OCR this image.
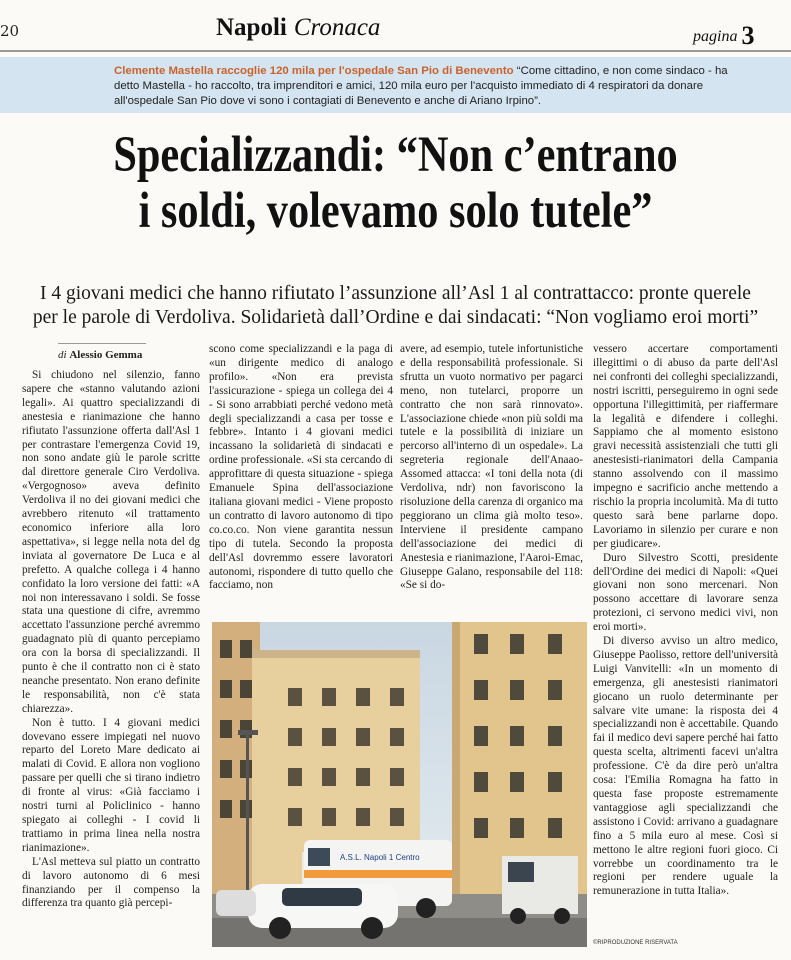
20	Napoli Cronaca	pagina 3
Clemente Mastella raccoglie 120 mila per l'ospedale San Pio di Benevento “Come cittadino, e non come sindaco - ha detto Mastella - ho raccolto, tra imprenditori e amici, 120 mila euro per l'acquisto immediato di 4 respiratori da donare all'ospedale San Pio dove vi sono i contagiati di Benevento e anche di Ariano Irpino”.
Specializzandi: “Non c’entrano
i soldi, volevamo solo tutele”
I 4 giovani medici che hanno rifiutato l’assunzione all’Asl 1 al contrattacco: pronte querele
per le parole di Verdoliva. Solidarietà dall’Ordine e dai sindacati: “Non vogliamo eroi morti”
di Alessio Gemma

Si chiudono nel silenzio, fanno sapere che «stanno valutando azioni legali». Ai quattro specializzandi di anestesia e rianimazione che hanno rifiutato l'assunzione offerta dall'Asl 1 per contrastare l'emergenza Covid 19, non sono andate giù le parole scritte dal direttore generale Ciro Verdoliva. «Vergognoso» aveva definito Verdoliva il no dei giovani medici che avrebbero ritenuto «il trattamento economico inferiore alla loro aspettativa», si legge nella nota del dg inviata al governatore De Luca e al prefetto. A qualche collega i 4 hanno confidato la loro versione dei fatti: «A noi non interessavano i soldi. Se fosse stata una questione di cifre, avremmo accettato l'assunzione perché avremmo guadagnato più di quanto percepiamo ora con la borsa di specializzandi. Il punto è che il contratto non ci è stato neanche presentato. Non erano definite le responsabilità, non c'è stata chiarezza».

Non è tutto. I 4 giovani medici dovevano essere impiegati nel nuovo reparto del Loreto Mare dedicato ai malati di Covid. E allora non vogliono passare per quelli che si tirano indietro di fronte al virus: «Già facciamo i nostri turni al Policlinico - hanno spiegato ai colleghi - I covid li trattiamo in prima linea nella nostra rianimazione».

L'Asl metteva sul piatto un contratto di lavoro autonomo di 6 mesi finanziando per il compenso la differenza tra quanto già percepi-

scono come specializzandi e la paga di «un dirigente medico di analogo profilo». «Non era prevista l'assicurazione - spiega un collega dei 4 - Si sono arrabbiati perché vedono metà degli specializzandi a casa per tosse e febbre». Intanto i 4 giovani medici incassano la solidarietà di sindacati e ordine professionale. «Si sta cercando di approfittare di questa situazione - spiega Emanuele Spina dell'associazione italiana giovani medici - Viene proposto un contratto di lavoro autonomo di tipo co.co.co. Non viene garantita nessun tipo di tutela. Secondo la proposta dell'Asl dovremmo essere lavoratori autonomi, rispondere di tutto quello che facciamo, non

avere, ad esempio, tutele infortunistiche e della responsabilità professionale. Si sfrutta un vuoto normativo per pagarci meno, non tutelarci, proporre un contratto che non sarà rinnovato». L'associazione chiede «non più soldi ma tutele e la possibilità di iniziare un percorso all'interno di un ospedale». La segreteria regionale dell'Anaao-Assomed attacca: «I toni della nota (di Verdoliva, ndr) non favoriscono la risoluzione della carenza di organico ma peggiorano un clima già molto teso». Interviene il presidente campano dell'associazione dei medici di Anestesia e rianimazione, l'Aaroi-Emac, Giuseppe Galano, responsabile del 118: «Se si do-

vessero accertare comportamenti illegittimi o di abuso da parte dell'Asl nei confronti dei colleghi specializzandi, nostri iscritti, perseguiremo in ogni sede opportuna l'illegittimità, per riaffermare la legalità e difendere i colleghi. Sappiamo che al momento esistono gravi necessità assistenziali che tutti gli anestesisti-rianimatori della Campania stanno assolvendo con il massimo impegno e sacrificio anche mettendo a rischio la propria incolumità. Ma di tutto questo sarà bene parlarne dopo. Lavoriamo in silenzio per curare e non per giudicare».

Duro Silvestro Scotti, presidente dell'Ordine dei medici di Napoli: «Quei giovani non sono mercenari. Non possono accettare di lavorare senza protezioni, ci servono medici vivi, non eroi morti».

Di diverso avviso un altro medico, Giuseppe Paolisso, rettore dell'università Luigi Vanvitelli: «In un momento di emergenza, gli anestesisti rianimatori giocano un ruolo determinante per salvare vite umane: la risposta dei 4 specializzandi non è accettabile. Quando fai il medico devi sapere perché hai fatto questa scelta, altrimenti facevi un'altra professione. C'è da dire però un'altra cosa: l'Emilia Romagna ha fatto in questa fase proposte estremamente vantaggiose agli specializzandi che assistono i Covid: arrivano a guadagnare fino a 5 mila euro al mese. Così si mettono le altre regioni fuori gioco. Ci vorrebbe un coordinamento tra le regioni per rendere uguale la remunerazione in tutta Italia».

A.S.L. Napoli 1 Centro
©RIPRODUZIONE RISERVATA
